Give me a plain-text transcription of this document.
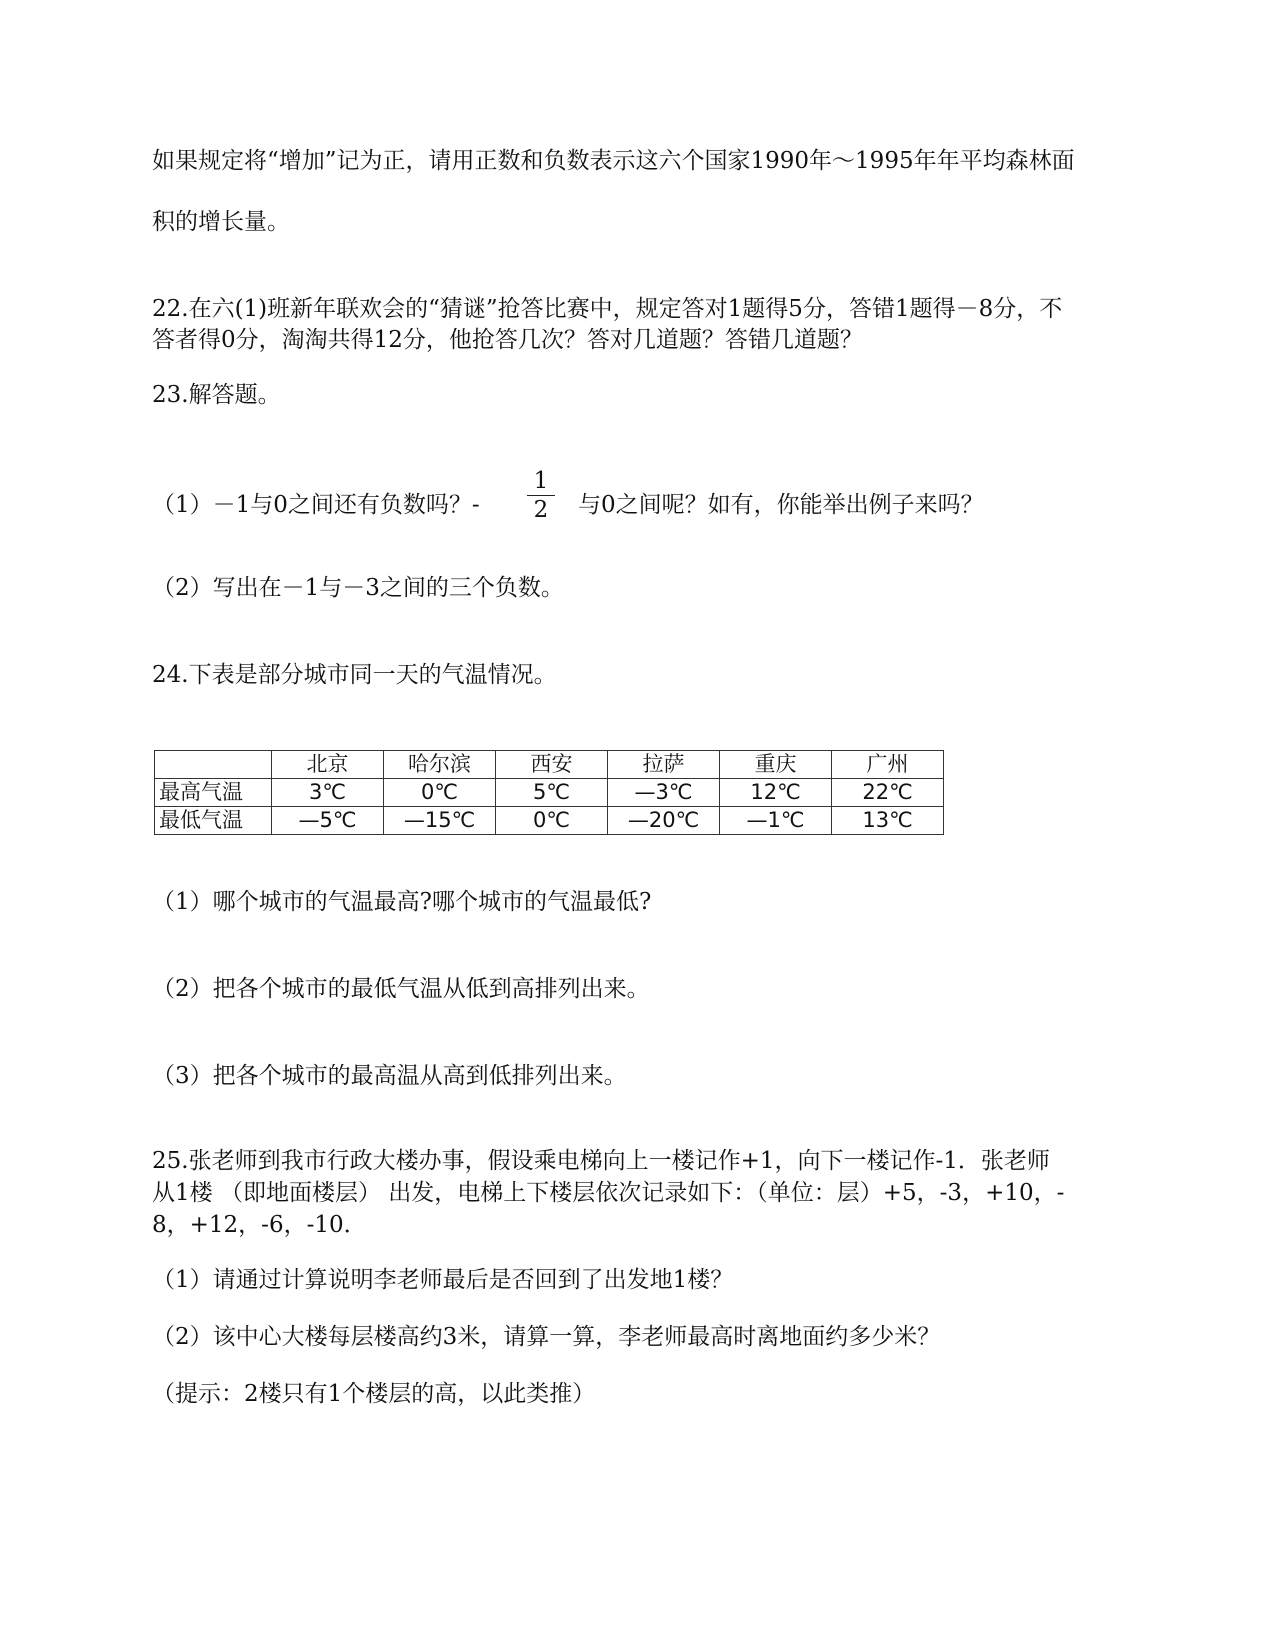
如果规定将“增加”记为正，请用正数和负数表示这六个国家1990年～1995年年平均森林面
积的增长量。
22.在六(1)班新年联欢会的“猜谜”抢答比赛中，规定答对1题得5分，答错1题得－8分，不
答者得0分，淘淘共得12分，他抢答几次？答对几道题？答错几道题？
23.解答题。
（1）－1与0之间还有负数吗？- $\frac{1}{2}$ 与0之间呢？如有，你能举出例子来吗？
（2）写出在－1与－3之间的三个负数。
24.下表是部分城市同一天的气温情况。
	北京	哈尔滨	西安	拉萨	重庆	广州
最高气温	3℃	0℃	5℃	—3℃	12℃	22℃
最低气温	—5℃	—15℃	0℃	—20℃	—1℃	13℃
（1）哪个城市的气温最高?哪个城市的气温最低?
（2）把各个城市的最低气温从低到高排列出来。
（3）把各个城市的最高温从高到低排列出来。
25.张老师到我市行政大楼办事，假设乘电梯向上一楼记作+1，向下一楼记作-1．张老师
从1楼 （即地面楼层） 出发，电梯上下楼层依次记录如下：（单位：层）+5，-3，+10，-
8，+12，-6，-10．
（1）请通过计算说明李老师最后是否回到了出发地1楼？
（2）该中心大楼每层楼高约3米，请算一算，李老师最高时离地面约多少米？
（提示：2楼只有1个楼层的高，以此类推）
